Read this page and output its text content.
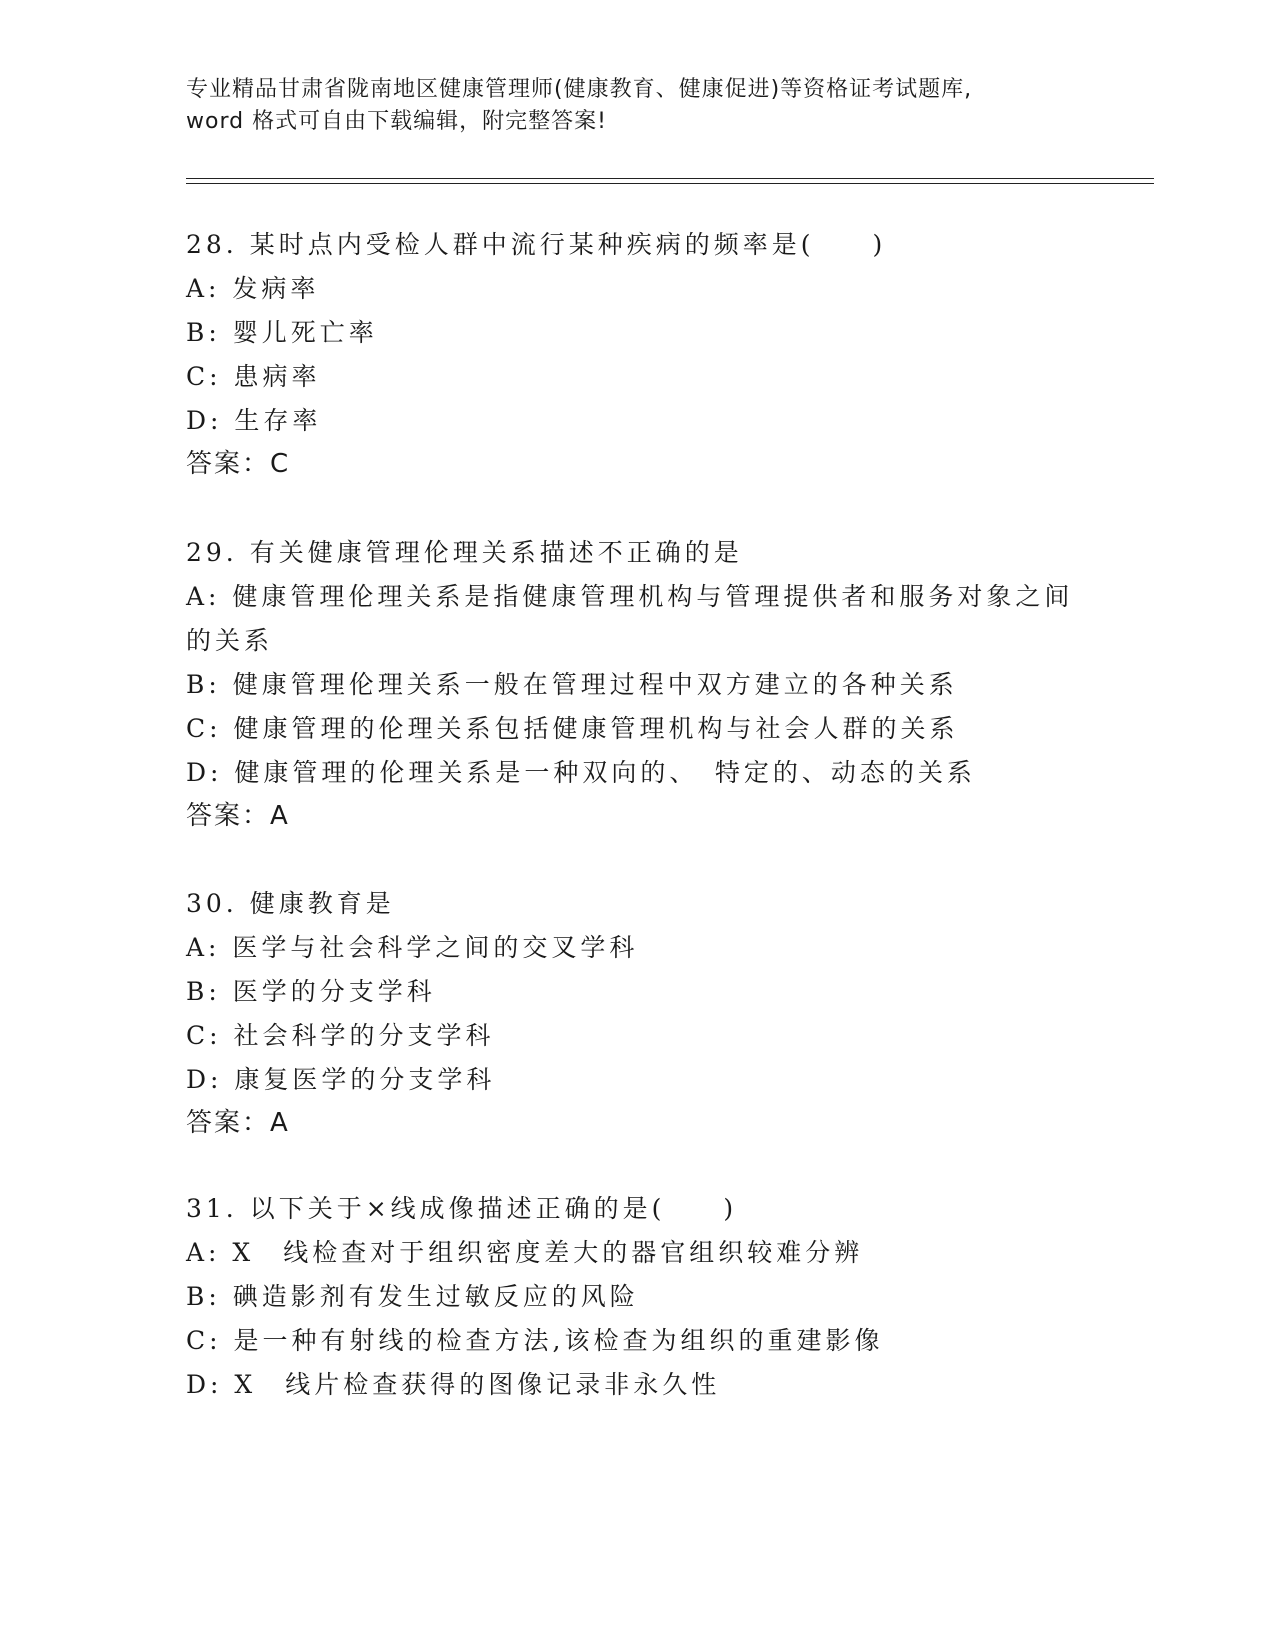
专业精品甘肃省陇南地区健康管理师(健康教育、健康促进)等资格证考试题库,
word 格式可自由下载编辑，附完整答案!
28. 某时点内受检人群中流行某种疾病的频率是(　　)
A: 发病率
B: 婴儿死亡率
C: 患病率
D: 生存率
答案：C
29. 有关健康管理伦理关系描述不正确的是
A: 健康管理伦理关系是指健康管理机构与管理提供者和服务对象之间
的关系
B: 健康管理伦理关系一般在管理过程中双方建立的各种关系
C: 健康管理的伦理关系包括健康管理机构与社会人群的关系
D: 健康管理的伦理关系是一种双向的、　特定的、动态的关系
答案：A
30. 健康教育是
A: 医学与社会科学之间的交叉学科
B: 医学的分支学科
C: 社会科学的分支学科
D: 康复医学的分支学科
答案：A
31. 以下关于×线成像描述正确的是(　　)
A: X　线检查对于组织密度差大的器官组织较难分辨
B: 碘造影剂有发生过敏反应的风险
C: 是一种有射线的检查方法,该检查为组织的重建影像
D: X　线片检查获得的图像记录非永久性
